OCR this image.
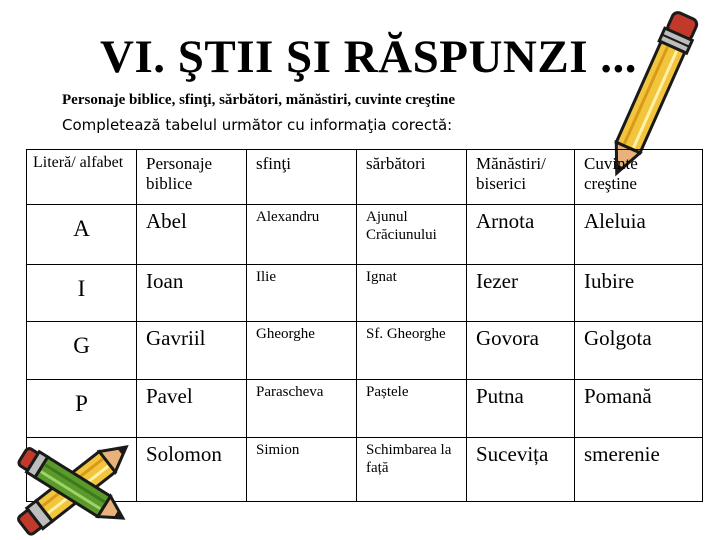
VI. ŞTII ŞI RĂSPUNZI ...
Personaje biblice, sfinţi, sărbători, mănăstiri, cuvinte creştine
Completează tabelul următor cu informaţia corectă:
Literă/ alfabet	Personaje biblice	sfinţi	sărbători	Mănăstiri/ biserici	Cuvinte creştine
A	Abel	Alexandru	Ajunul Crăciunului	Arnota	Aleluia
I	Ioan	Ilie	Ignat	Iezer	Iubire
G	Gavriil	Gheorghe	Sf. Gheorghe	Govora	Golgota
P	Pavel	Parascheva	Paștele	Putna	Pomană
	Solomon	Simion	Schimbarea la față	Sucevița	smerenie
